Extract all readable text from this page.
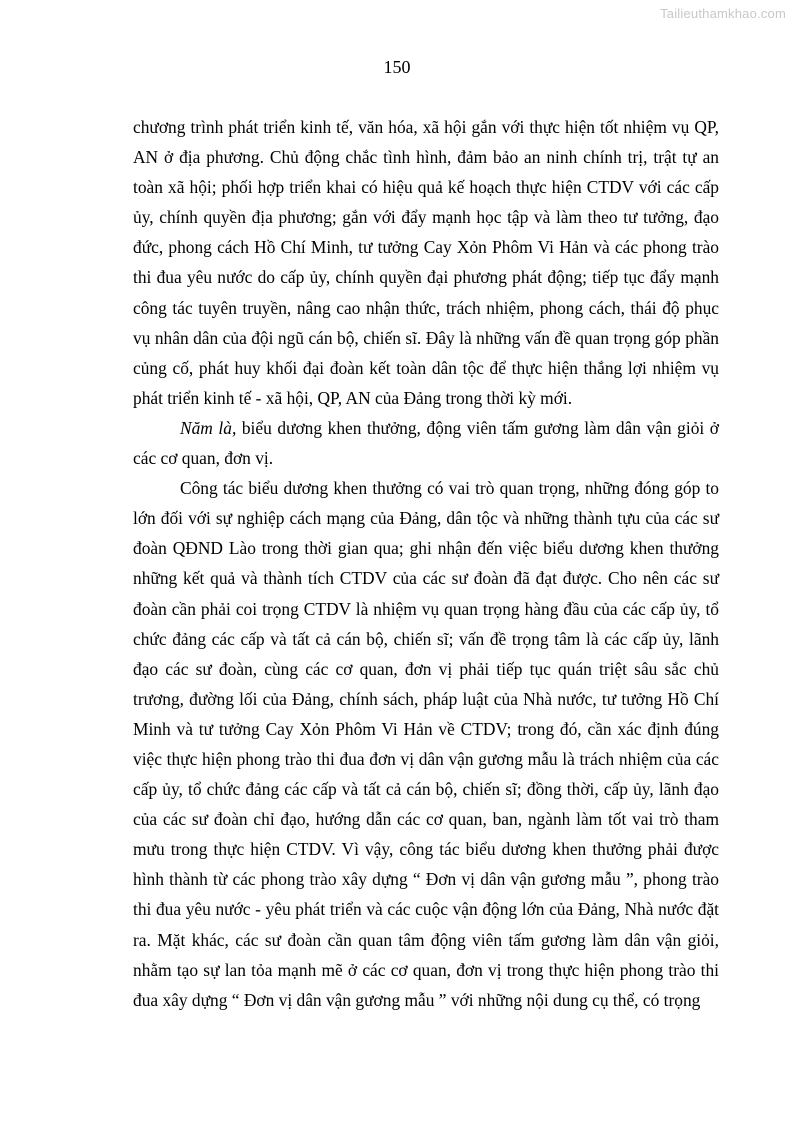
Tailieuthamkhao.com
150

chương trình phát triển kinh tế, văn hóa, xã hội gắn với thực hiện tốt nhiệm vụ QP, AN ở địa phương. Chủ động chắc tình hình, đảm bảo an ninh chính trị, trật tự an toàn xã hội; phối hợp triển khai có hiệu quả kế hoạch thực hiện CTDV với các cấp ủy, chính quyền địa phương; gắn với đẩy mạnh học tập và làm theo tư tưởng, đạo đức, phong cách Hồ Chí Minh, tư tưởng Cay Xỏn Phôm Vi Hản và các phong trào thi đua yêu nước do cấp ủy, chính quyền đại phương phát động; tiếp tục đẩy mạnh công tác tuyên truyền, nâng cao nhận thức, trách nhiệm, phong cách, thái độ phục vụ nhân dân của đội ngũ cán bộ, chiến sĩ. Đây là những vấn đề quan trọng góp phần củng cố, phát huy khối đại đoàn kết toàn dân tộc để thực hiện thắng lợi nhiệm vụ phát triển kinh tế - xã hội, QP, AN của Đảng trong thời kỳ mới.

Năm là, biểu dương khen thưởng, động viên tấm gương làm dân vận giỏi ở các cơ quan, đơn vị.

Công tác biểu dương khen thưởng có vai trò quan trọng, những đóng góp to lớn đối với sự nghiệp cách mạng của Đảng, dân tộc và những thành tựu của các sư đoàn QĐND Lào trong thời gian qua; ghi nhận đến việc biểu dương khen thưởng những kết quả và thành tích CTDV của các sư đoàn đã đạt được. Cho nên các sư đoàn cần phải coi trọng CTDV là nhiệm vụ quan trọng hàng đầu của các cấp ủy, tổ chức đảng các cấp và tất cả cán bộ, chiến sĩ; vấn đề trọng tâm là các cấp ủy, lãnh đạo các sư đoàn, cùng các cơ quan, đơn vị phải tiếp tục quán triệt sâu sắc chủ trương, đường lối của Đảng, chính sách, pháp luật của Nhà nước, tư tưởng Hồ Chí Minh và tư tưởng Cay Xỏn Phôm Vi Hản về CTDV; trong đó, cần xác định đúng việc thực hiện phong trào thi đua đơn vị dân vận gương mẫu là trách nhiệm của các cấp ủy, tổ chức đảng các cấp và tất cả cán bộ, chiến sĩ; đồng thời, cấp ủy, lãnh đạo của các sư đoàn chỉ đạo, hướng dẫn các cơ quan, ban, ngành làm tốt vai trò tham mưu trong thực hiện CTDV. Vì vậy, công tác biểu dương khen thưởng phải được hình thành từ các phong trào xây dựng “ Đơn vị dân vận gương mẫu ”, phong trào thi đua yêu nước - yêu phát triển và các cuộc vận động lớn của Đảng, Nhà nước đặt ra. Mặt khác, các sư đoàn cần quan tâm động viên tấm gương làm dân vận giỏi, nhằm tạo sự lan tỏa mạnh mẽ ở các cơ quan, đơn vị trong thực hiện phong trào thi đua xây dựng “ Đơn vị dân vận gương mẫu ” với những nội dung cụ thể, có trọng
